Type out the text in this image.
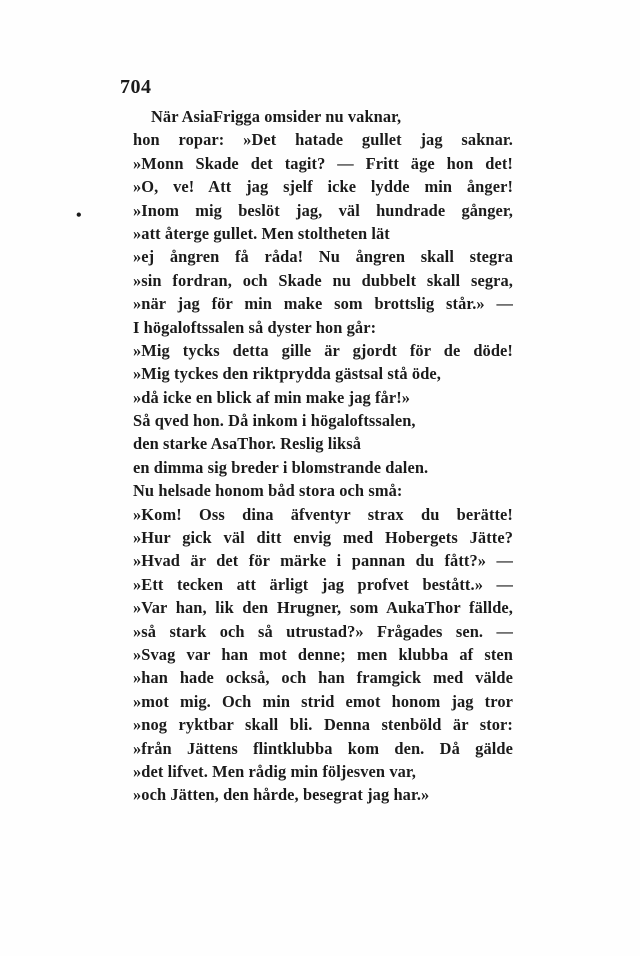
704
•
När AsiaFrigga omsider nu vaknar,
hon ropar: »Det hatade gullet jag saknar.
»Monn Skade det tagit? — Fritt äge hon det!
»O, ve! Att jag sjelf icke lydde min ånger!
»Inom mig beslöt jag, väl hundrade gånger,
»att återge gullet. Men stoltheten lät
»ej ångren få råda! Nu ångren skall stegra
»sin fordran, och Skade nu dubbelt skall segra,
»när jag för min make som brottslig står.» —
I högaloftssalen så dyster hon går:
»Mig tycks detta gille är gjordt för de döde!
»Mig tyckes den riktprydda gästsal stå öde,
»då icke en blick af min make jag får!»
Så qved hon. Då inkom i högaloftssalen,
den starke AsaThor. Reslig likså
en dimma sig breder i blomstrande dalen.
Nu helsade honom båd stora och små:
»Kom! Oss dina äfventyr strax du berätte!
»Hur gick väl ditt envig med Hobergets Jätte?
»Hvad är det för märke i pannan du fått?» —
»Ett tecken att ärligt jag profvet bestått.» —
»Var han, lik den Hrugner, som AukaThor fällde,
»så stark och så utrustad?» Frågades sen. —
»Svag var han mot denne; men klubba af sten
»han hade också, och han framgick med välde
»mot mig. Och min strid emot honom jag tror
»nog ryktbar skall bli. Denna stenböld är stor:
»från Jättens flintklubba kom den. Då gälde
»det lifvet. Men rådig min följesven var,
»och Jätten, den hårde, besegrat jag har.»
